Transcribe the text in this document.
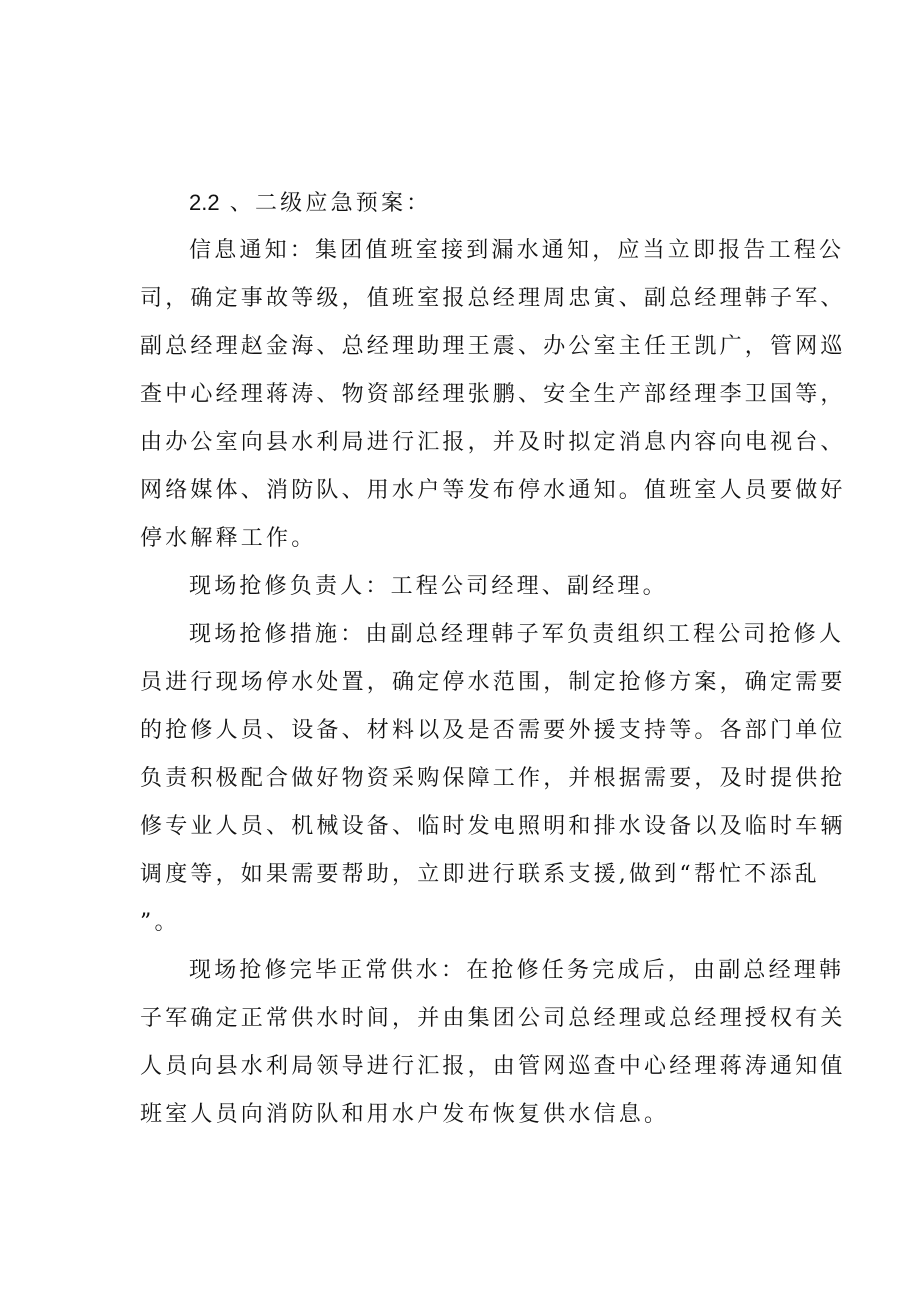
2.2 、二级应急预案：
信息通知：集团值班室接到漏水通知，应当立即报告工程公
司，确定事故等级，值班室报总经理周忠寅、副总经理韩子军、
副总经理赵金海、总经理助理王震、办公室主任王凯广，管网巡
查中心经理蒋涛、物资部经理张鹏、安全生产部经理李卫国等，
由办公室向县水利局进行汇报，并及时拟定消息内容向电视台、
网络媒体、消防队、用水户等发布停水通知。值班室人员要做好
停水解释工作。
现场抢修负责人：工程公司经理、副经理。
现场抢修措施：由副总经理韩子军负责组织工程公司抢修人
员进行现场停水处置，确定停水范围，制定抢修方案，确定需要
的抢修人员、设备、材料以及是否需要外援支持等。各部门单位
负责积极配合做好物资采购保障工作，并根据需要，及时提供抢
修专业人员、机械设备、临时发电照明和排水设备以及临时车辆
调度等，如果需要帮助，立即进行联系支援,做到“帮忙不添乱
”。
现场抢修完毕正常供水：在抢修任务完成后，由副总经理韩
子军确定正常供水时间，并由集团公司总经理或总经理授权有关
人员向县水利局领导进行汇报，由管网巡查中心经理蒋涛通知值
班室人员向消防队和用水户发布恢复供水信息。
